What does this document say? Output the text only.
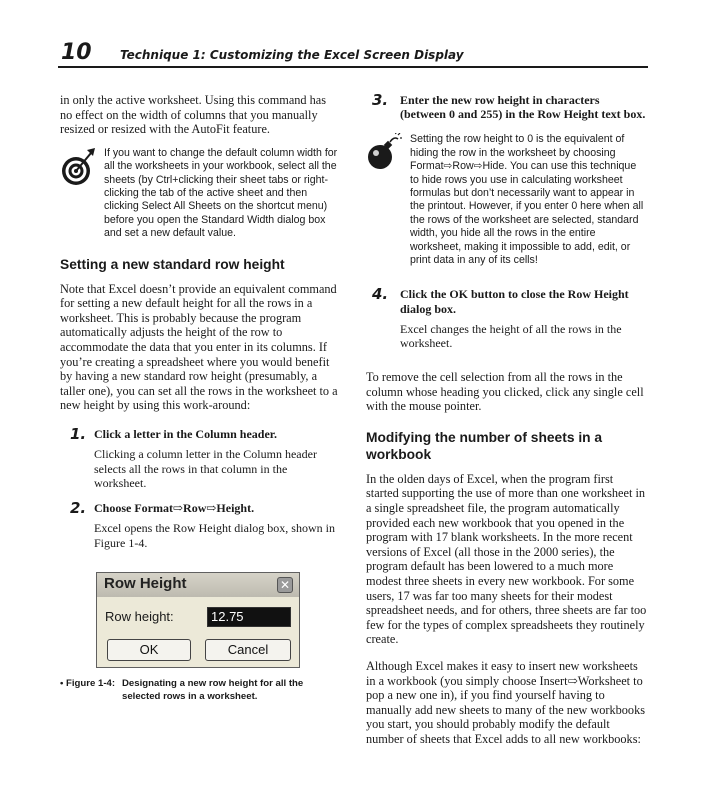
10 Technique 1: Customizing the Excel Screen Display

in only the active worksheet. Using this command has no effect on the width of columns that you manually resized or resized with the AutoFit feature.

If you want to change the default column width for all the worksheets in your workbook, select all the sheets (by Ctrl+clicking their sheet tabs or right-clicking the tab of the active sheet and then clicking Select All Sheets on the shortcut menu) before you open the Standard Width dialog box and set a new default value.

Setting a new standard row height

Note that Excel doesn’t provide an equivalent command for setting a new default height for all the rows in a worksheet. This is probably because the program automatically adjusts the height of the row to accommodate the data that you enter in its columns. If you’re creating a spreadsheet where you would benefit by having a new standard row height (presumably, a taller one), you can set all the rows in the worksheet to a new height by using this work-around:

1. Click a letter in the Column header.
Clicking a column letter in the Column header selects all the rows in that column in the worksheet.
2. Choose Format⇨Row⇨Height.
Excel opens the Row Height dialog box, shown in Figure 1-4.
Row Height	✕
Row height:	12.75
OK	Cancel
• Figure 1-4: Designating a new row height for all the selected rows in a worksheet.
3. Enter the new row height in characters (between 0 and 255) in the Row Height text box.

Setting the row height to 0 is the equivalent of hiding the row in the worksheet by choosing Format⇨Row⇨Hide. You can use this technique to hide rows you use in calculating worksheet formulas but don’t necessarily want to appear in the printout. However, if you enter 0 here when all the rows of the worksheet are selected, standard width, you hide all the rows in the entire worksheet, making it impossible to add, edit, or print data in any of its cells!

4. Click the OK button to close the Row Height dialog box.
Excel changes the height of all the rows in the worksheet.

To remove the cell selection from all the rows in the column whose heading you clicked, click any single cell with the mouse pointer.

Modifying the number of sheets in a workbook

In the olden days of Excel, when the program first started supporting the use of more than one worksheet in a single spreadsheet file, the program automatically provided each new workbook that you opened in the program with 17 blank worksheets. In the more recent versions of Excel (all those in the 2000 series), the program default has been lowered to a much more modest three sheets in every new workbook. For some users, 17 was far too many sheets for their modest spreadsheet needs, and for others, three sheets are far too few for the types of complex spreadsheets they routinely create.

Although Excel makes it easy to insert new worksheets in a workbook (you simply choose Insert⇨Worksheet to pop a new one in), if you find yourself having to manually add new sheets to many of the new workbooks you start, you should probably modify the default number of sheets that Excel adds to all new workbooks:
